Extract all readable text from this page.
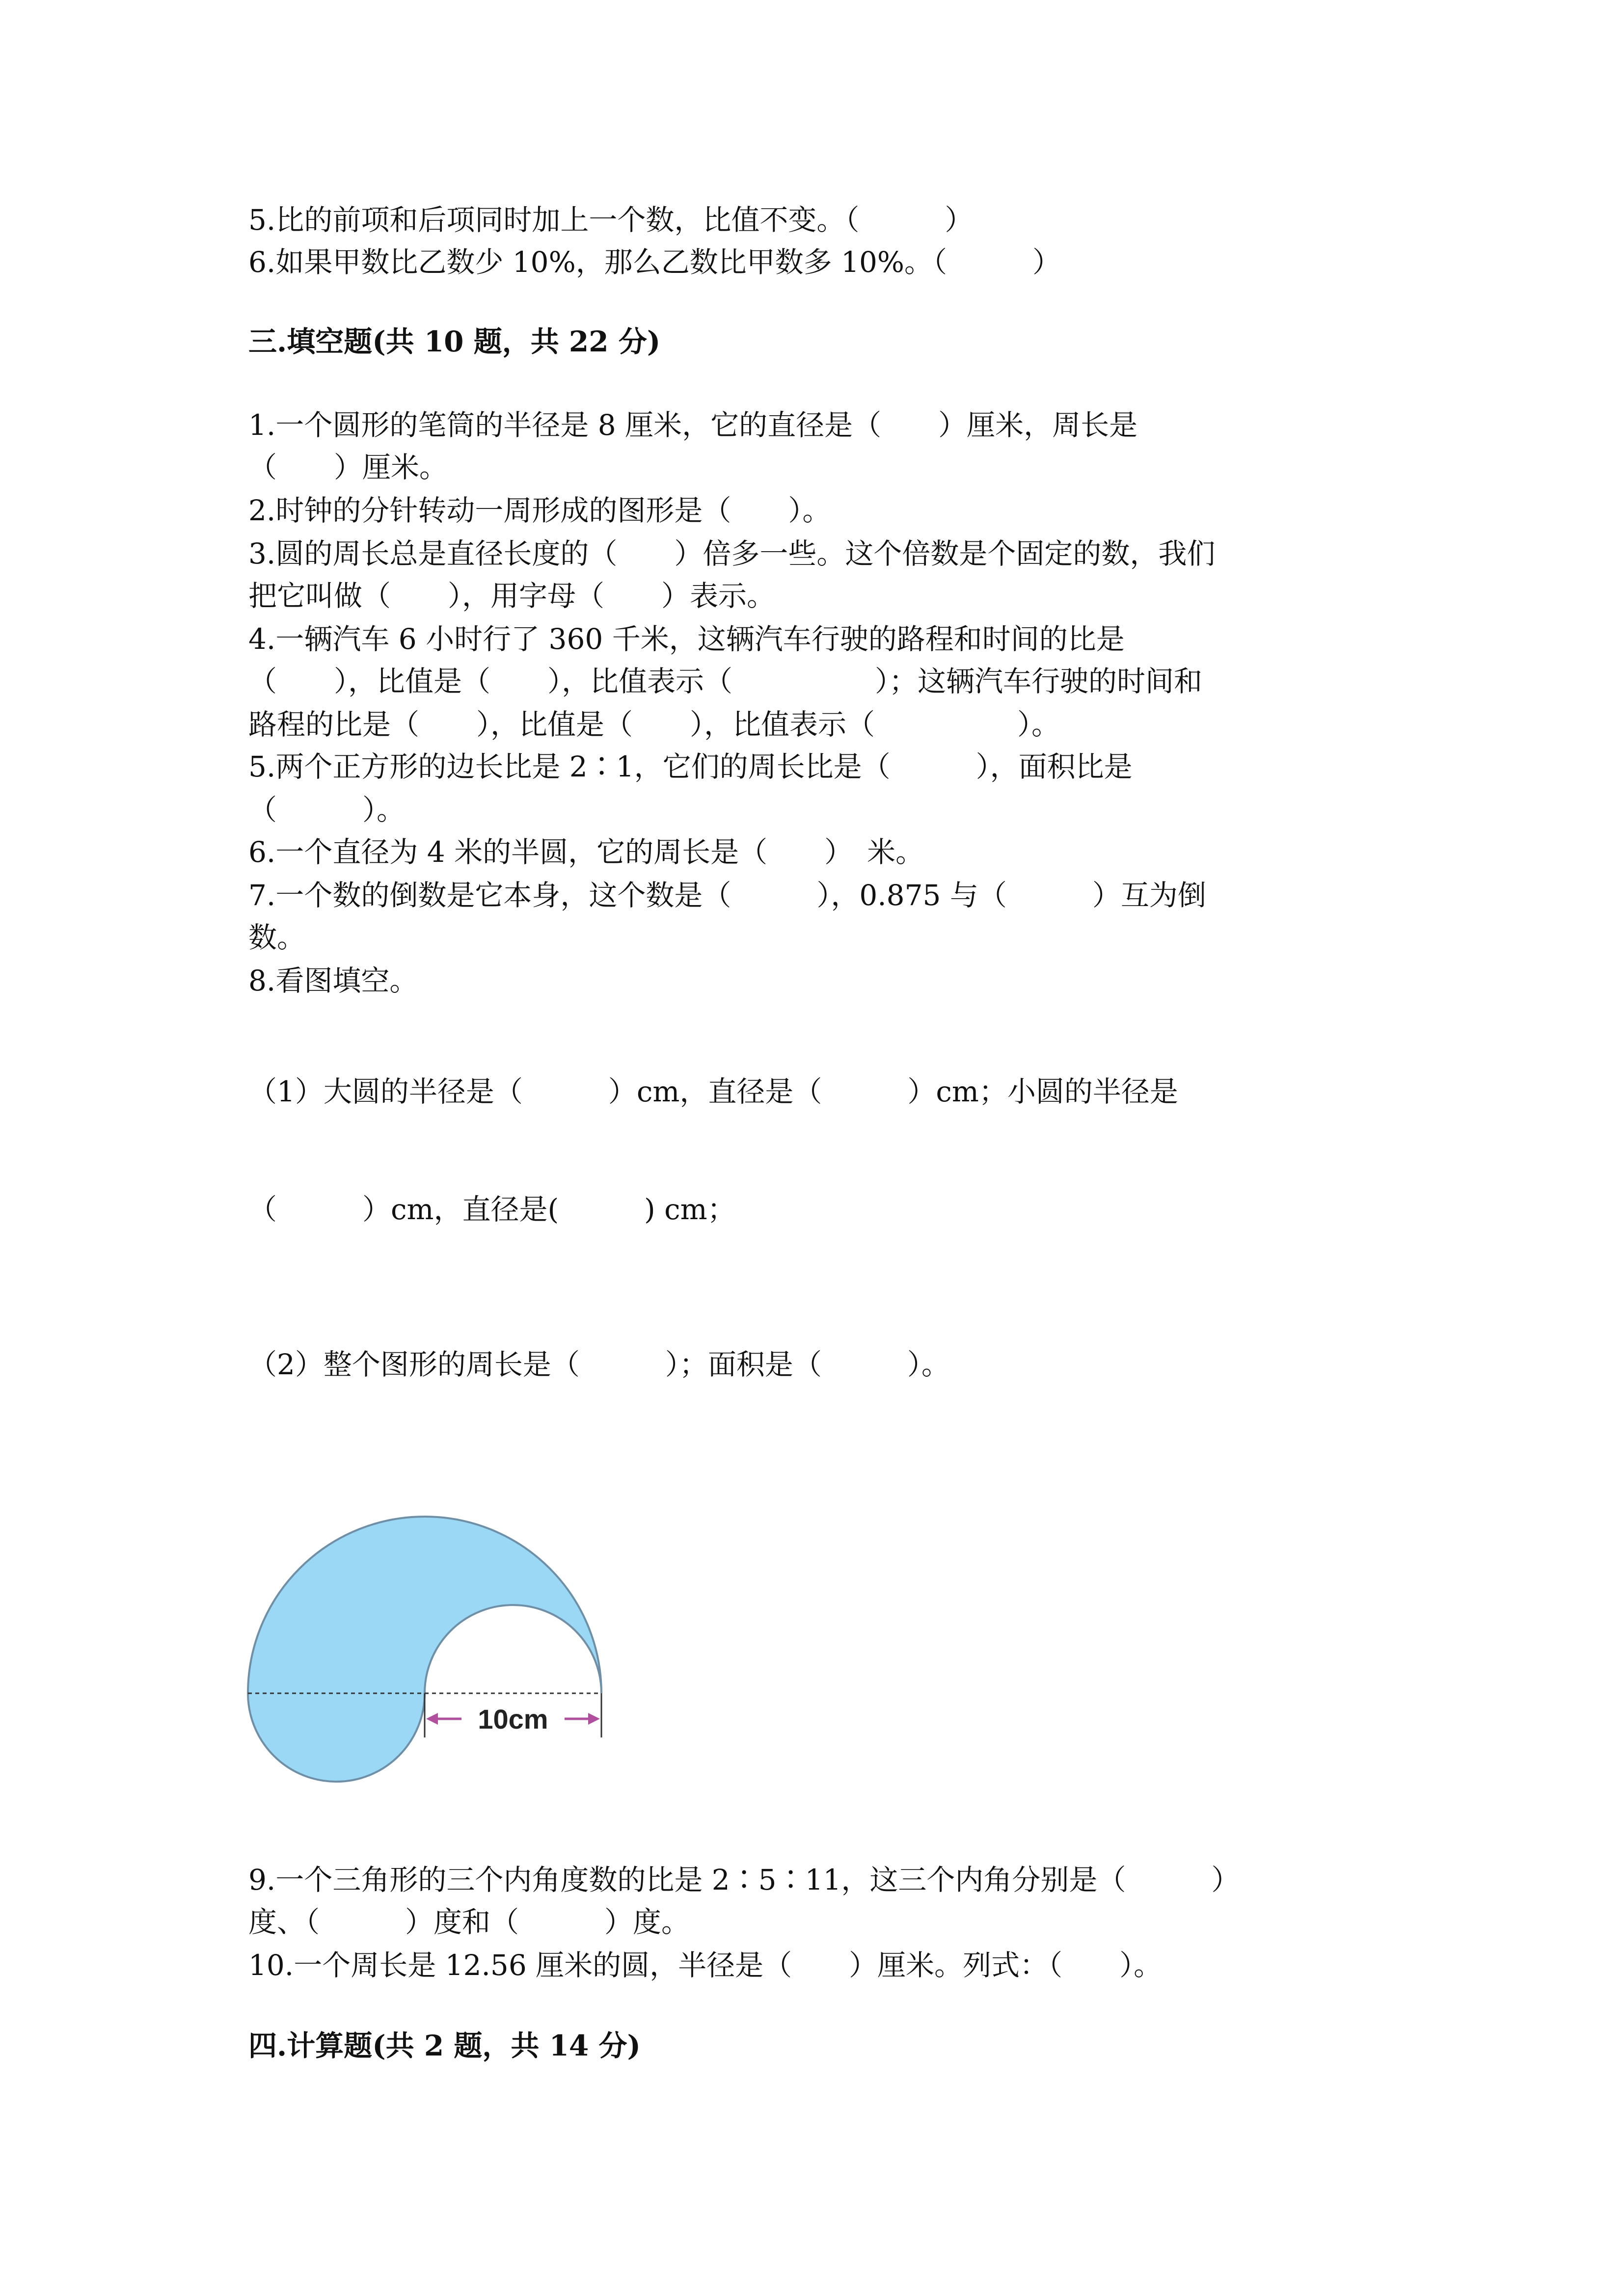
5.比的前项和后项同时加上一个数，比值不变。（　　　）
6.如果甲数比乙数少 10%，那么乙数比甲数多 10%。（　　　）
三.填空题(共 10 题，共 22 分)
1.一个圆形的笔筒的半径是 8 厘米，它的直径是（　　）厘米，周长是
（　　）厘米。
2.时钟的分针转动一周形成的图形是（　　）。
3.圆的周长总是直径长度的（　　）倍多一些。这个倍数是个固定的数，我们
把它叫做（　　），用字母（　　）表示。
4.一辆汽车 6 小时行了 360 千米，这辆汽车行驶的路程和时间的比是
（　　），比值是（　　），比值表示（　　　　　）；这辆汽车行驶的时间和
路程的比是（　　），比值是（　　），比值表示（　　　　　）。
5.两个正方形的边长比是 2∶1，它们的周长比是（　　　），面积比是
（　　　）。
6.一个直径为 4 米的半圆，它的周长是（　　）　米。
7.一个数的倒数是它本身，这个数是（　　　），0.875 与（　　　）互为倒
数。
8.看图填空。
（1）大圆的半径是（　　　）cm，直径是（　　　）cm；小圆的半径是
（　　　）cm，直径是(　　　) cm；
（2）整个图形的周长是（　　　）；面积是（　　　）。
10cm
9.一个三角形的三个内角度数的比是 2∶5∶11，这三个内角分别是（　　　）
度、（　　　）度和（　　　）度。
10.一个周长是 12.56 厘米的圆，半径是（　　）厘米。列式：（　　）。
四.计算题(共 2 题，共 14 分)
